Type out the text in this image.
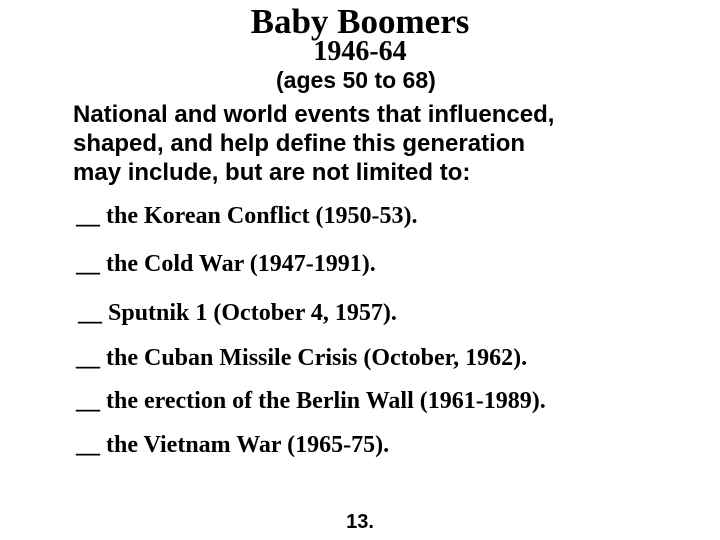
Baby Boomers
1946-64
(ages 50 to 68)
National and world events that influenced,
shaped, and help define this generation
may include, but are not limited to:
__ the Korean Conflict (1950-53).
__ the Cold War (1947-1991).
__ Sputnik 1 (October 4, 1957).
__ the Cuban Missile Crisis (October, 1962).
__ the erection of the Berlin Wall (1961-1989).
__ the Vietnam War (1965-75).
13.
